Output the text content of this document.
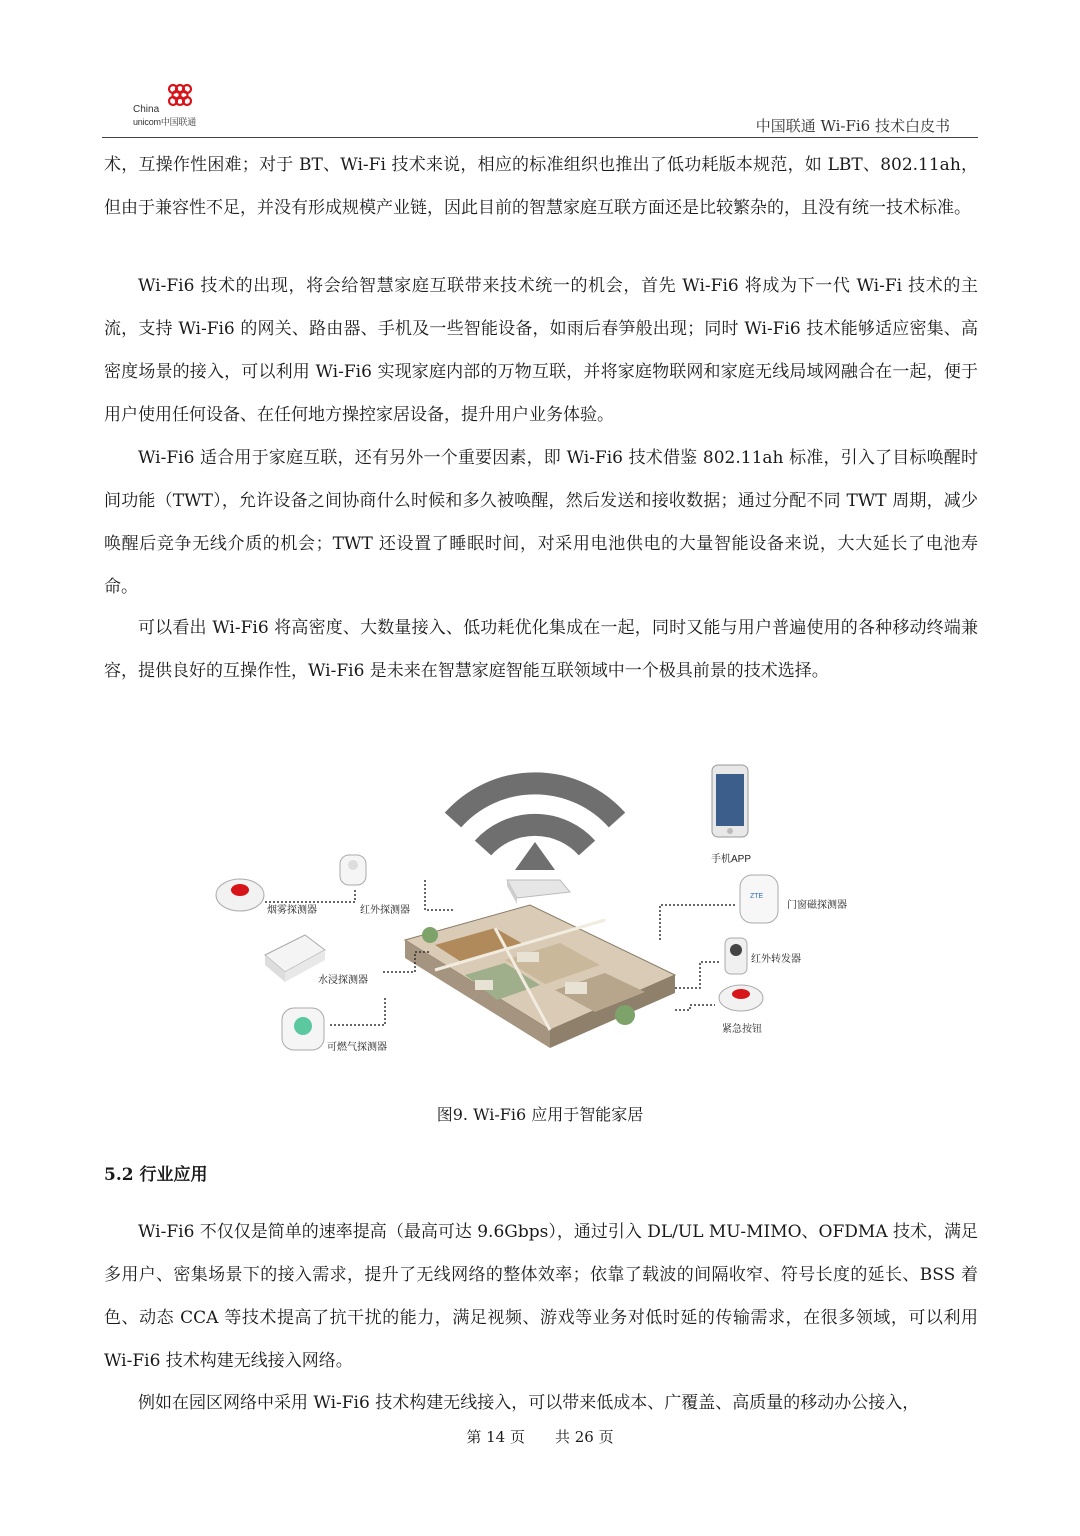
China
unicom中国联通	中国联通 Wi-Fi6 技术白皮书

术，互操作性困难；对于 BT、Wi-Fi 技术来说，相应的标准组织也推出了低功耗版本规范，如 LBT、802.11ah，但由于兼容性不足，并没有形成规模产业链，因此目前的智慧家庭互联方面还是比较繁杂的，且没有统一技术标准。

Wi-Fi6 技术的出现，将会给智慧家庭互联带来技术统一的机会，首先 Wi-Fi6 将成为下一代 Wi-Fi 技术的主流，支持 Wi-Fi6 的网关、路由器、手机及一些智能设备，如雨后春笋般出现；同时 Wi-Fi6 技术能够适应密集、高密度场景的接入，可以利用 Wi-Fi6 实现家庭内部的万物互联，并将家庭物联网和家庭无线局域网融合在一起，便于用户使用任何设备、在任何地方操控家居设备，提升用户业务体验。

Wi-Fi6 适合用于家庭互联，还有另外一个重要因素，即 Wi-Fi6 技术借鉴 802.11ah 标准，引入了目标唤醒时间功能（TWT），允许设备之间协商什么时候和多久被唤醒，然后发送和接收数据；通过分配不同 TWT 周期，减少唤醒后竞争无线介质的机会；TWT 还设置了睡眠时间，对采用电池供电的大量智能设备来说，大大延长了电池寿命。

可以看出 Wi-Fi6 将高密度、大数量接入、低功耗优化集成在一起，同时又能与用户普遍使用的各种移动终端兼容，提供良好的互操作性，Wi-Fi6 是未来在智慧家庭智能互联领域中一个极具前景的技术选择。

手机APP
烟雾探测器	红外探测器
ZTE
门窗磁探测器
水浸探测器
红外转发器
可燃气探测器
紧急按钮
图9. Wi-Fi6 应用于智能家居
5.2 行业应用

Wi-Fi6 不仅仅是简单的速率提高（最高可达 9.6Gbps），通过引入 DL/UL MU-MIMO、OFDMA 技术，满足多用户、密集场景下的接入需求，提升了无线网络的整体效率；依靠了载波的间隔收窄、符号长度的延长、BSS 着色、动态 CCA 等技术提高了抗干扰的能力，满足视频、游戏等业务对低时延的传输需求，在很多领域，可以利用 Wi-Fi6 技术构建无线接入网络。

例如在园区网络中采用 Wi-Fi6 技术构建无线接入，可以带来低成本、广覆盖、高质量的移动办公接入，

第 14 页　　共 26 页
